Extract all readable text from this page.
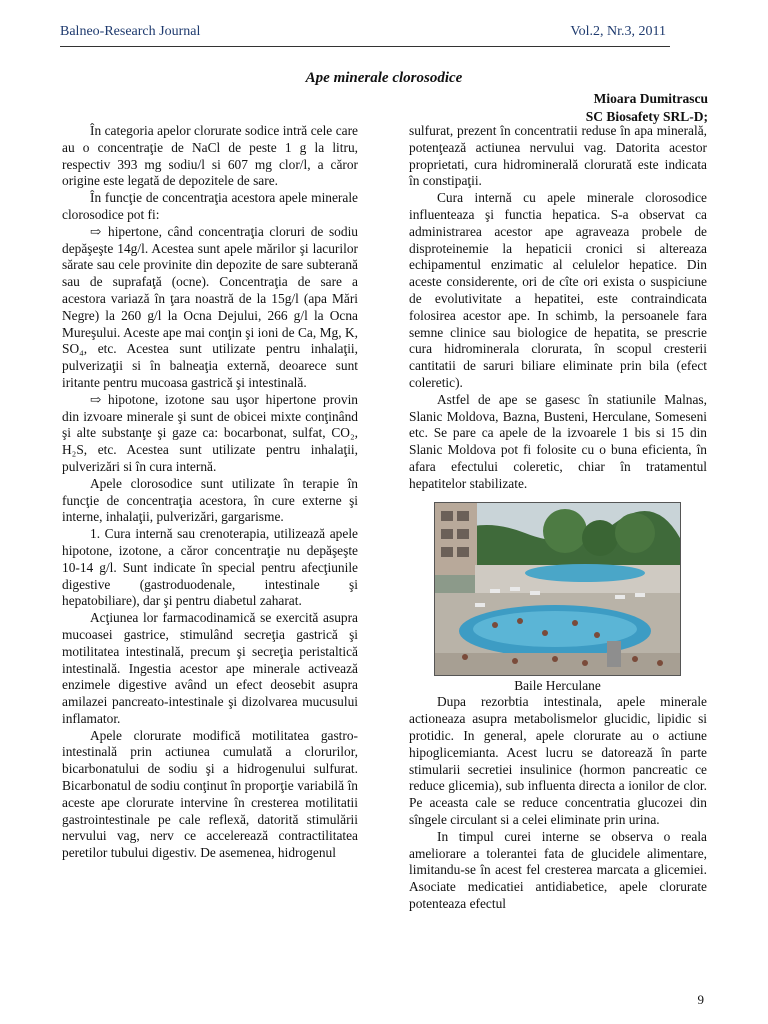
Balneo-Research Journal	Vol.2, Nr.3, 2011
Ape minerale clorosodice
Mioara Dumitrascu
SC Biosafety SRL-D;

În categoria apelor clorurate sodice intră cele care au o concentraţie de NaCl de peste 1 g la litru, respectiv 393 mg sodiu/l si 607 mg clor/l, a căror origine este legată de depozitele de sare.

În funcţie de concentraţia acestora apele minerale clorosodice pot fi:

⇨ hipertone, când concentraţia cloruri de sodiu depăşeşte 14g/l. Acestea sunt apele mărilor şi lacurilor sărate sau cele provinite din depozite de sare subterană sau de suprafaţă (ocne). Concentraţia de sare a acestora variază în ţara noastră de la 15g/l (apa Mări Negre) la 260 g/l la Ocna Dejului, 266 g/l la Ocna Mureşului. Aceste ape mai conţin şi ioni de Ca, Mg, K, SO₄, etc. Acestea sunt utilizate pentru inhalaţii, pulverizaţii si în balneaţia externă, deoarece sunt iritante pentru mucoasa gastrică şi intestinală.

⇨ hipotone, izotone sau uşor hipertone provin din izvoare minerale şi sunt de obicei mixte conţinând şi alte substanţe şi gaze ca: bocarbonat, sulfat, CO₂, H₂S, etc. Acestea sunt utilizate pentru inhalaţii, pulverizări si în cura internă.

Apele clorosodice sunt utilizate în terapie în funcţie de concentraţia acestora, în cure externe şi interne, inhalaţii, pulverizări, gargarisme.

1. Cura internă sau crenoterapia, utilizează apele hipotone, izotone, a căror concentraţie nu depăşeşte 10-14 g/l. Sunt indicate în special pentru afecţiunile digestive (gastroduodenale, intestinale şi hepatobiliare), dar şi pentru diabetul zaharat.

Acţiunea lor farmacodinamică se exercită asupra mucoasei gastrice, stimulând secreţia gastrică şi motilitatea intestinală, precum şi secreţia peristaltică intestinală. Ingestia acestor ape minerale activează enzimele digestive având un efect deosebit asupra amilazei pancreato-intestinale şi dizolvarea mucusului inflamator.

Apele clorurate modifică motilitatea gastro-intestinală prin actiunea cumulată a clorurilor, bicarbonatului de sodiu şi a hidrogenului sulfurat. Bicarbonatul de sodiu conţinut în proporţie variabilă în aceste ape clorurate intervine în cresterea motilitatii gastrointestinale pe cale reflexă, datorită stimulării nervului vag, nerv ce accelerează contractilitatea peretilor tubului digestiv. De asemenea, hidrogenul

sulfurat, prezent în concentratii reduse în apa minerală, potenţează actiunea nervului vag. Datorita acestor proprietati, cura hidrominerală clorurată este indicata în constipaţii.

Cura internă cu apele minerale clorosodice influenteaza şi functia hepatica. S-a observat ca administrarea acestor ape agraveaza probele de disproteinemie la hepaticii cronici si altereaza echipamentul enzimatic al celulelor hepatice. Din aceste considerente, ori de cîte ori exista o suspiciune de evolutivitate a hepatitei, este contraindicata folosirea acestor ape. In schimb, la persoanele fara semne clinice sau biologice de hepatita, se prescrie cura hidrominerala clorurata, în scopul cresterii cantitatii de saruri biliare eliminate prin bila (efect coleretic).

Astfel de ape se gasesc în statiunile Malnas, Slanic Moldova, Bazna, Busteni, Herculane, Someseni etc. Se pare ca apele de la izvoarele 1 bis si 15 din Slanic Moldova pot fi folosite cu o buna eficienta, în afara efectului coleretic, chiar în tratamentul hepatitelor stabilizate.

Baile Herculane

Dupa rezorbtia intestinala, apele minerale actioneaza asupra metabolismelor glucidic, lipidic si protidic. In general, apele clorurate au o actiune hipoglicemianta. Acest lucru se datorează în parte stimularii secretiei insulinice (hormon pancreatic ce reduce glicemia), sub influenta directa a ionilor de clor. Pe aceasta cale se reduce concentratia glucozei din sîngele circulant si a celei eliminate prin urina.

In timpul curei interne se observa o reala ameliorare a tolerantei fata de glucidele alimentare, limitandu-se în acest fel cresterea marcata a glicemiei. Asociate medicatiei antidiabetice, apele clorurate potenteaza efectul

9
